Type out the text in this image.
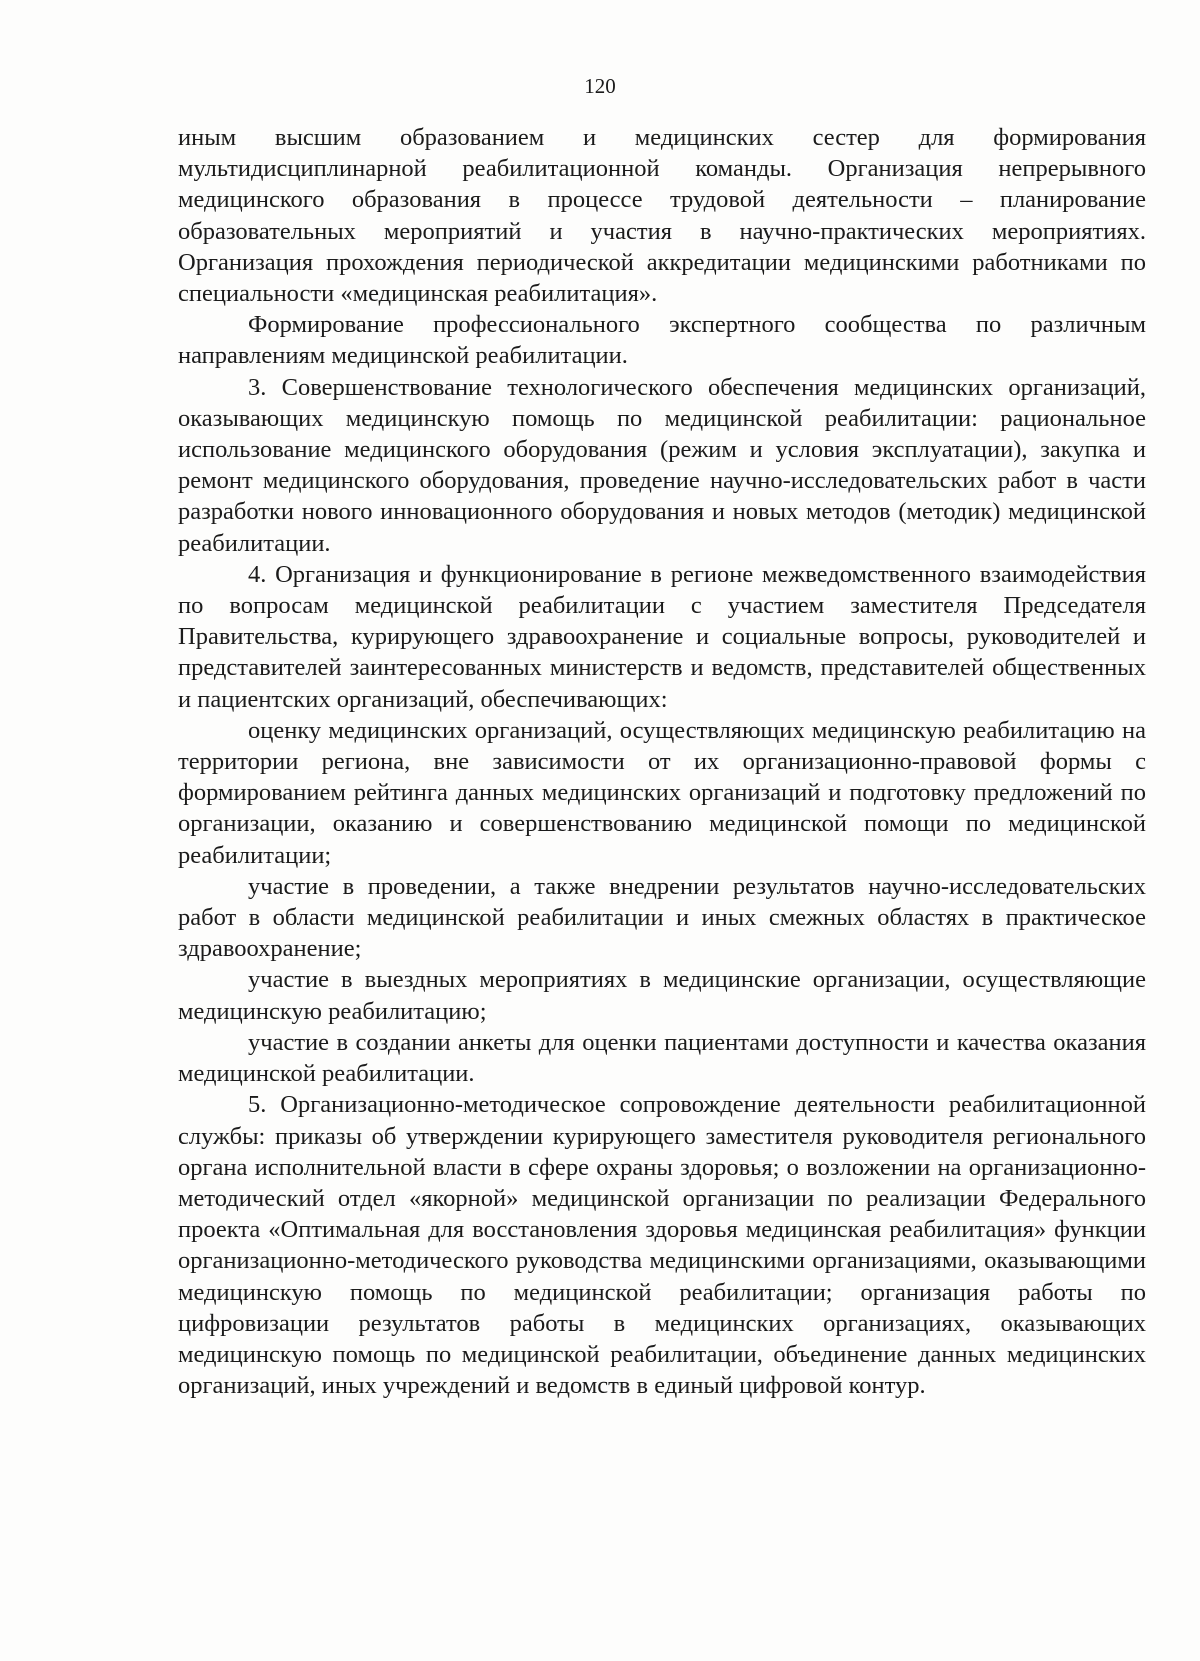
120

иным высшим образованием и медицинских сестер для формирования мультидисциплинарной реабилитационной команды. Организация непрерывного медицинского образования в процессе трудовой деятельности – планирование образовательных мероприятий и участия в научно-практических мероприятиях. Организация прохождения периодической аккредитации медицинскими работниками по специальности «медицинская реабилитация».

Формирование профессионального экспертного сообщества по различным направлениям медицинской реабилитации.

3. Совершенствование технологического обеспечения медицинских организаций, оказывающих медицинскую помощь по медицинской реабилитации: рациональное использование медицинского оборудования (режим и условия эксплуатации), закупка и ремонт медицинского оборудования, проведение научно-исследовательских работ в части разработки нового инновационного оборудования и новых методов (методик) медицинской реабилитации.

4. Организация и функционирование в регионе межведомственного взаимодействия по вопросам медицинской реабилитации с участием заместителя Председателя Правительства, курирующего здравоохранение и социальные вопросы, руководителей и представителей заинтересованных министерств и ведомств, представителей общественных и пациентских организаций, обеспечивающих:

оценку медицинских организаций, осуществляющих медицинскую реабилитацию на территории региона, вне зависимости от их организационно-правовой формы с формированием рейтинга данных медицинских организаций и подготовку предложений по организации, оказанию и совершенствованию медицинской помощи по медицинской реабилитации;

участие в проведении, а также внедрении результатов научно-исследовательских работ в области медицинской реабилитации и иных смежных областях в практическое здравоохранение;

участие в выездных мероприятиях в медицинские организации, осуществляющие медицинскую реабилитацию;

участие в создании анкеты для оценки пациентами доступности и качества оказания медицинской реабилитации.

5. Организационно-методическое сопровождение деятельности реабилитационной службы: приказы об утверждении курирующего заместителя руководителя регионального органа исполнительной власти в сфере охраны здоровья; о возложении на организационно-методический отдел «якорной» медицинской организации по реализации Федерального проекта «Оптимальная для восстановления здоровья медицинская реабилитация» функции организационно-методического руководства медицинскими организациями, оказывающими медицинскую помощь по медицинской реабилитации; организация работы по цифровизации результатов работы в медицинских организациях, оказывающих медицинскую помощь по медицинской реабилитации, объединение данных медицинских организаций, иных учреждений и ведомств в единый цифровой контур.
